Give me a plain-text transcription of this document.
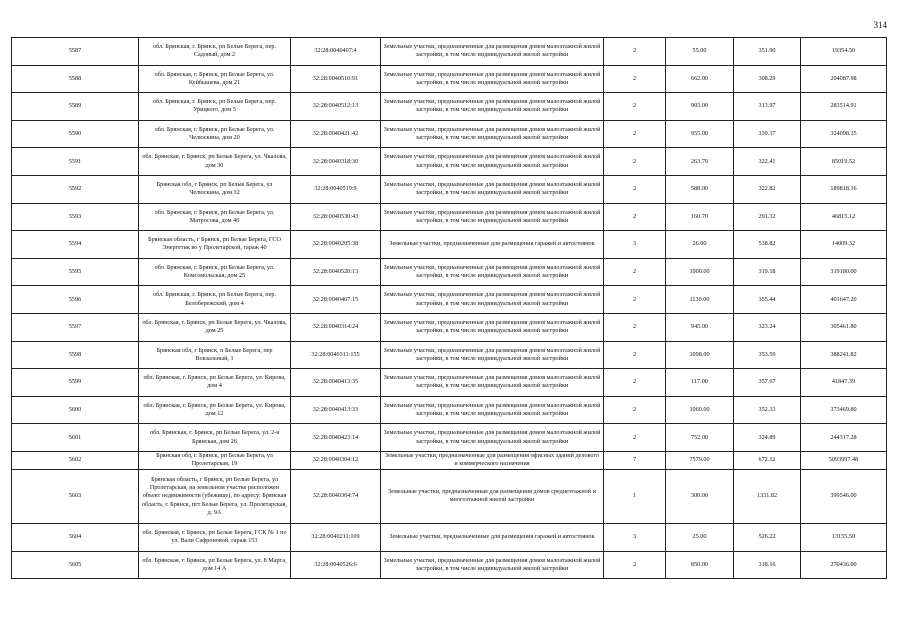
314
5587	обл. Брянская, г. Брянск, рп Белые Берега, пер. Садовый, дом 2	32:28:0040407:4	Земельные участки, предназначенные для размещения домов малоэтажной жилой застройки, в том числе индивидуальной жилой застройки	2	55.00	351.90	19354.50
5588	обл. Брянская, г. Брянск, рп Белые Берега, ул. Куйбышева, дом 21	32:28:0040510:91	Земельные участки, предназначенные для размещения домов малоэтажной жилой застройки, в том числе индивидуальной жилой застройки	2	662.00	308.29	204087.98
5589	обл. Брянская, г. Брянск, рп Белые Берега, пер. Урицкого, дом 5	32:28:0040512:13	Земельные участки, предназначенные для размещения домов малоэтажной жилой застройки, в том числе индивидуальной жилой застройки	2	903.00	313.97	283514.91
5590	обл. Брянская, г. Брянск, рп Белые Берега, ул. Челюскина, дом 20	32:28:0040421:42	Земельные участки, предназначенные для размещения домов малоэтажной жилой застройки, в том числе индивидуальной жилой застройки	2	955.00	339.37	324098.35
5591	обл. Брянская, г. Брянск, рп Белые Берега, ул. Чкалова, дом 30	32:28:0040318:30	Земельные участки, предназначенные для размещения домов малоэтажной жилой застройки, в том числе индивидуальной жилой застройки	2	263.70	322.41	85019.52
5592	Брянская обл, г Брянск, рп Белые Берега, ул Челюскина, дом 32	32:28:0040519:9	Земельные участки, предназначенные для размещения домов малоэтажной жилой застройки, в том числе индивидуальной жилой застройки	2	588.00	322.82	189818.16
5593	обл. Брянская, г. Брянск, рп Белые Берега, ул. Матросова, дом 46	32:28:0040530:43	Земельные участки, предназначенные для размещения домов малоэтажной жилой застройки, в том числе индивидуальной жилой застройки	2	160.70	291.32	46815.12
5594	Брянская область, г Брянск, рп Белые Берега, ГСО Энергетик во у Пролетарской, гараж 40	32:28:0040205:38	Земельные участки, предназначенные для размещения гаражей и автостоянок	3	26.00	538.82	14009.32
5595	обл. Брянская, г. Брянск, рп Белые Берега, ул. Комсомольская, дом 25	32:28:0040520:13	Земельные участки, предназначенные для размещения домов малоэтажной жилой застройки, в том числе индивидуальной жилой застройки	2	1000.00	319.18	319180.00
5596	обл. Брянская, г. Брянск, рп Белые Берега, пер. Белобережский, дом 4	32:28:0040407:15	Земельные участки, предназначенные для размещения домов малоэтажной жилой застройки, в том числе индивидуальной жилой застройки	2	1130.00	355.44	401647.20
5597	обл. Брянская, г. Брянск, рп Белые Берега, ул. Чкалова, дом 25	32:28:0040314:24	Земельные участки, предназначенные для размещения домов малоэтажной жилой застройки, в том числе индивидуальной жилой застройки	2	945.00	323.24	305461.80
5598	Брянская обл, г Брянск, п Белые Берега, пер Вокзальный, 1	32:28:0040311:155	Земельные участки, предназначенные для размещения домов малоэтажной жилой застройки, в том числе индивидуальной жилой застройки	2	1098.00	353.59	388241.82
5599	обл. Брянская, г. Брянск, рп Белые Берега, ул. Кирова, дом 4	32:28:0040413:35	Земельные участки, предназначенные для размещения домов малоэтажной жилой застройки, в том числе индивидуальной жилой застройки	2	117.00	357.67	41847.39
5600	обл. Брянская, г. Брянск, рп Белые Берега, ул. Кирова, дом 12	32:28:0040413:33	Земельные участки, предназначенные для размещения домов малоэтажной жилой застройки, в том числе индивидуальной жилой застройки	2	1060.00	352.33	373469.80
5601	обл. Брянская, г. Брянск, рп Белые Берега, ул. 2-я Брянская, дом 26	32:28:0040423:14	Земельные участки, предназначенные для размещения домов малоэтажной жилой застройки, в том числе индивидуальной жилой застройки	2	752.00	324.89	244317.28
5602	Брянская обл, г. Брянск, рп Белые Берега, ул Пролетарская, 19	32:28:0040304:12	Земельные участки, предназначенные для размещения офисных зданий делового и коммерческого назначения	7	7579.00	672.12	5093997.48
5603	Брянская область, г Брянск, рп Белые Берега, ул Пролетарская, на земельном участке расположен объект недвижимости (убежище), по адресу: Брянская область, г. Брянск, пгт Белые Берега, ул. Пролетарская, д. 9А	32:28:0040304:74	Земельные участки, предназначенные для размещения домов среднеэтажной и многоэтажной жилой застройки	1	300.00	1331.82	399546.00
5604	обл. Брянская, г. Брянск, рп Белые Берега, ГСК № 1 по ул. Вали Сафроновой, гараж 153	32:28:0040211:109	Земельные участки, предназначенные для размещения гаражей и автостоянок	3	25.00	526.22	13155.50
5605	обл. Брянская, г. Брянск, рп Белые Берега, ул. 8 Марта, дом 14 А	32:28:0040526:6	Земельные участки, предназначенные для размещения домов малоэтажной жилой застройки, в том числе индивидуальной жилой застройки	2	850.00	318.16	270436.00
